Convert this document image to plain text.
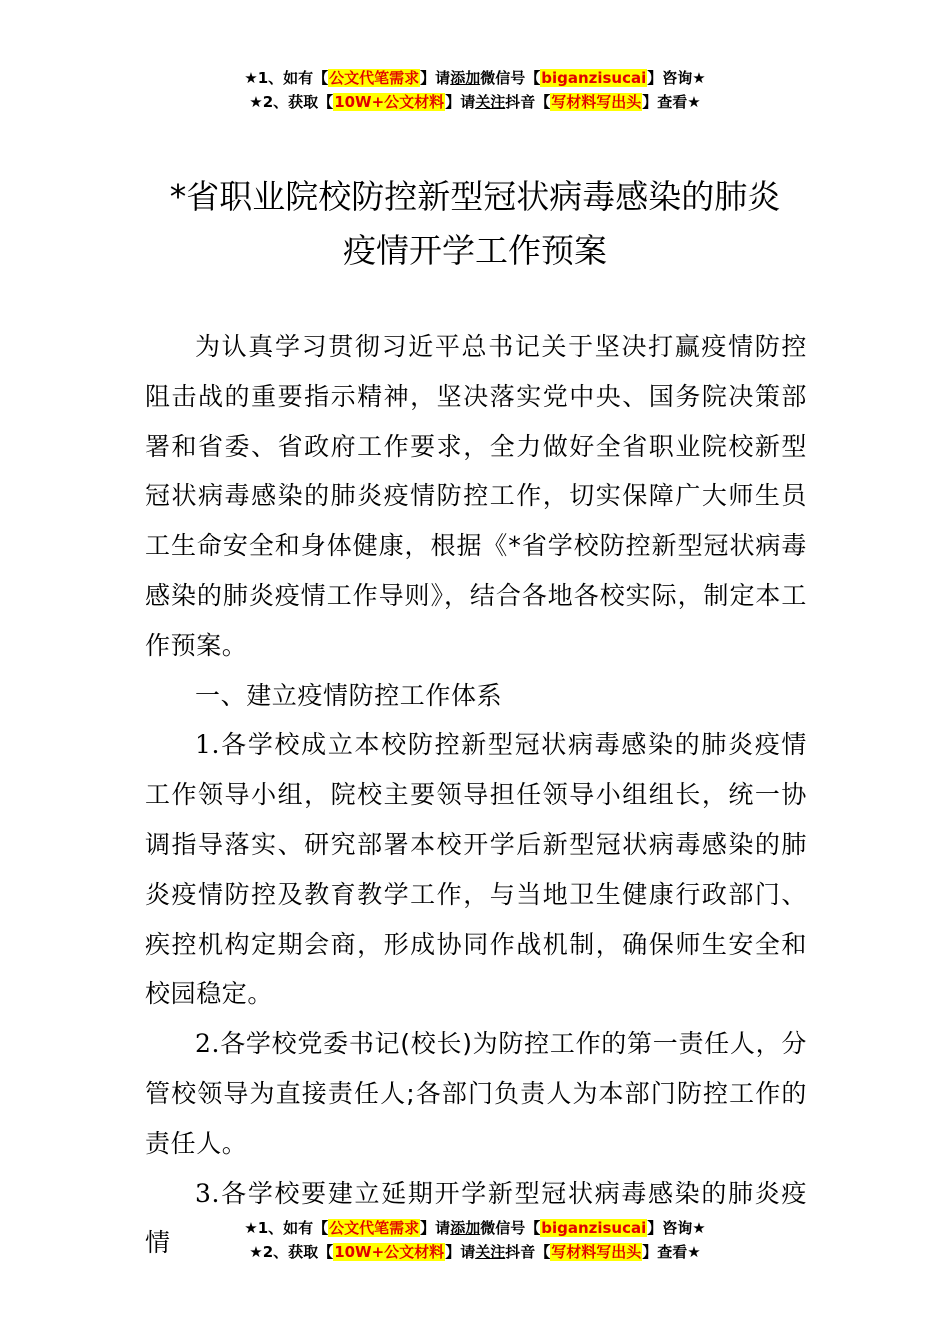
★1、如有【公文代笔需求】请添加微信号【biganzisucai】咨询★
★2、获取【10W+公文材料】请关注抖音【写材料写出头】查看★
*省职业院校防控新型冠状病毒感染的肺炎
疫情开学工作预案

为认真学习贯彻习近平总书记关于坚决打赢疫情防控阻击战的重要指示精神，坚决落实党中央、国务院决策部署和省委、省政府工作要求，全力做好全省职业院校新型冠状病毒感染的肺炎疫情防控工作，切实保障广大师生员工生命安全和身体健康，根据《*省学校防控新型冠状病毒感染的肺炎疫情工作导则》，结合各地各校实际，制定本工作预案。

一、建立疫情防控工作体系

1.各学校成立本校防控新型冠状病毒感染的肺炎疫情工作领导小组，院校主要领导担任领导小组组长，统一协调指导落实、研究部署本校开学后新型冠状病毒感染的肺炎疫情防控及教育教学工作，与当地卫生健康行政部门、疾控机构定期会商，形成协同作战机制，确保师生安全和校园稳定。

2.各学校党委书记(校长)为防控工作的第一责任人，分管校领导为直接责任人;各部门负责人为本部门防控工作的责任人。

3.各学校要建立延期开学新型冠状病毒感染的肺炎疫情

★1、如有【公文代笔需求】请添加微信号【biganzisucai】咨询★
★2、获取【10W+公文材料】请关注抖音【写材料写出头】查看★
